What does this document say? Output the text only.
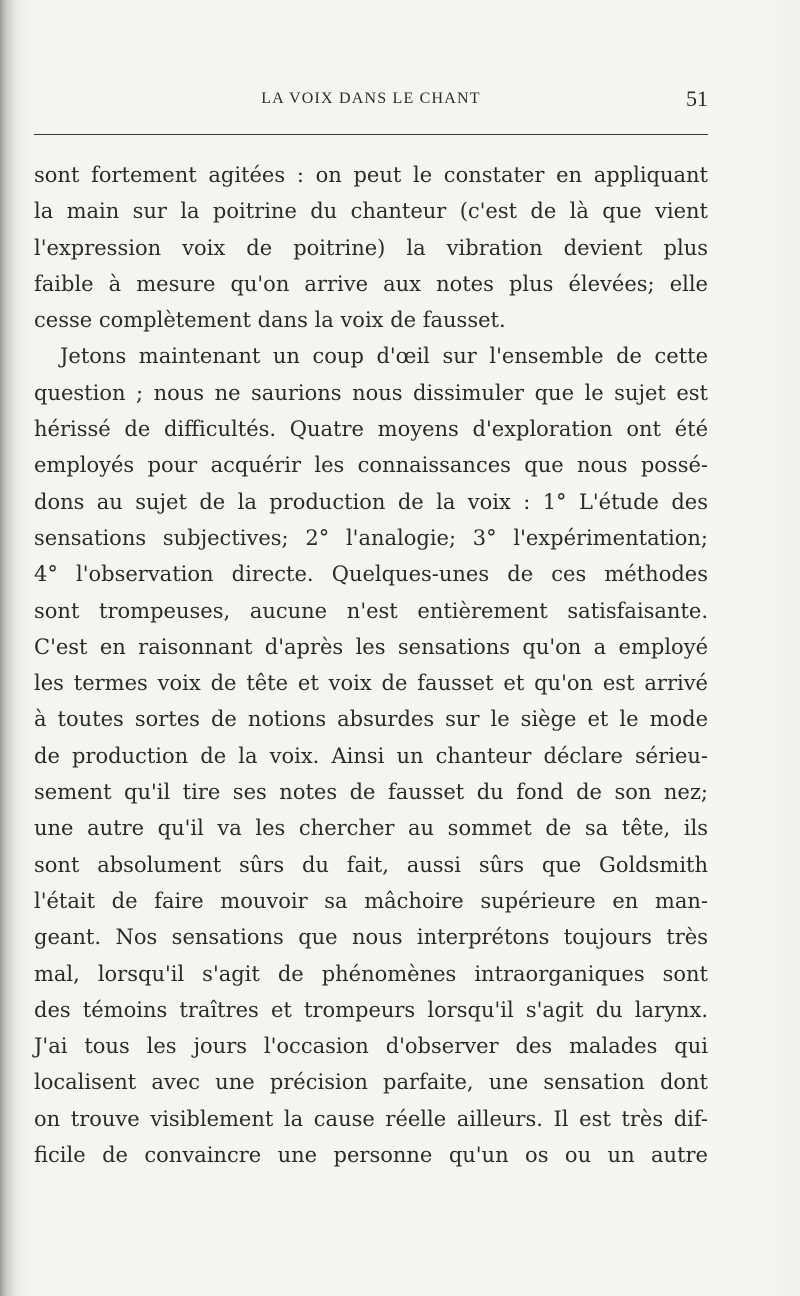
LA VOIX DANS LE CHANT	51
sont fortement agitées : on peut le constater en appliquant
la main sur la poitrine du chanteur (c'est de là que vient
l'expression voix de poitrine) la vibration devient plus
faible à mesure qu'on arrive aux notes plus élevées; elle
cesse complètement dans la voix de fausset.
Jetons maintenant un coup d'œil sur l'ensemble de cette
question ; nous ne saurions nous dissimuler que le sujet est
hérissé de difficultés. Quatre moyens d'exploration ont été
employés pour acquérir les connaissances que nous possé-
dons au sujet de la production de la voix : 1° L'étude des
sensations subjectives; 2° l'analogie; 3° l'expérimentation;
4° l'observation directe. Quelques-unes de ces méthodes
sont trompeuses, aucune n'est entièrement satisfaisante.
C'est en raisonnant d'après les sensations qu'on a employé
les termes voix de tête et voix de fausset et qu'on est arrivé
à toutes sortes de notions absurdes sur le siège et le mode
de production de la voix. Ainsi un chanteur déclare sérieu-
sement qu'il tire ses notes de fausset du fond de son nez;
une autre qu'il va les chercher au sommet de sa tête, ils
sont absolument sûrs du fait, aussi sûrs que Goldsmith
l'était de faire mouvoir sa mâchoire supérieure en man-
geant. Nos sensations que nous interprétons toujours très
mal, lorsqu'il s'agit de phénomènes intraorganiques sont
des témoins traîtres et trompeurs lorsqu'il s'agit du larynx.
J'ai tous les jours l'occasion d'observer des malades qui
localisent avec une précision parfaite, une sensation dont
on trouve visiblement la cause réelle ailleurs. Il est très dif-
ficile de convaincre une personne qu'un os ou un autre
